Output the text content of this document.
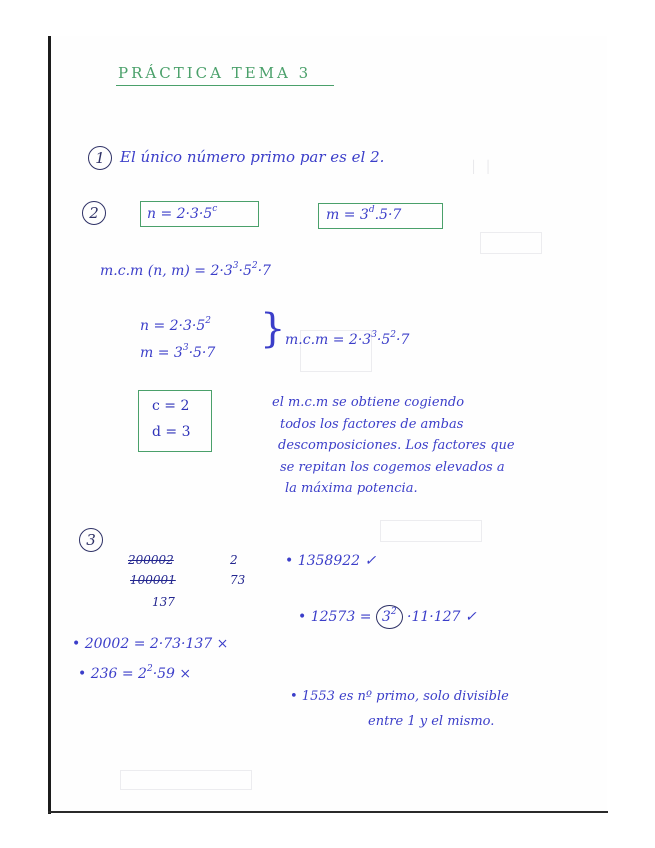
│ │
PRÁCTICA TEMA 3
1	El único número primo par es el 2.
2	$n = 2\cdot 3\cdot 5^c$	$m = 3^d.5\cdot 7$
m.c.m (n, $m) = 2\cdot 3^3\cdot 5^2\cdot 7$
$n = 2\cdot 3\cdot 5^2$
$m = 3^3\cdot 5\cdot 7$
} $m.c.m = 2\cdot 3^3\cdot 5^2\cdot 7$
c = 2
d = 3
el m.c.m se obtiene cogiendo
todos los factores de ambas
descomposiciones. Los factores que
se repitan los cogemos elevados a
la máxima potencia.
3
200002	2
100001	73
137
• 1358922 ✓
• $12573 = 3^2 \cdot 11\cdot 127$ ✓
• 20002 = 2·73·137 ×
• $236 = 2^2\cdot 59$ ×
• 1553 es nº primo, solo divisible
entre 1 y el mismo.
